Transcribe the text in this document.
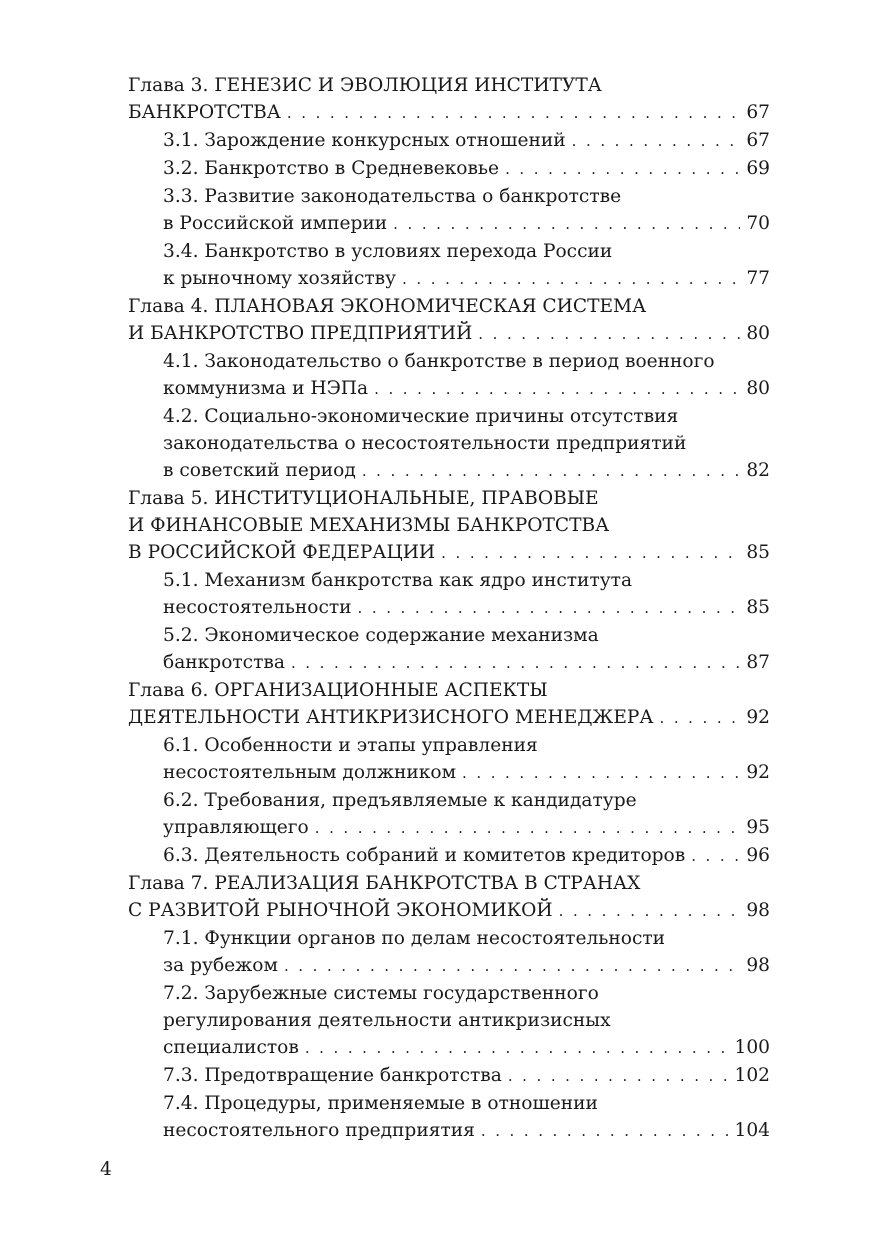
Глава 3. ГЕНЕЗИС И ЭВОЛЮЦИЯ ИНСТИТУТА
БАНКРОТСТВА . . .	67
3.1. Зарождение конкурсных отношений . . .	67
3.2. Банкротство в Средневековье . . .	69
3.3. Развитие законодательства о банкротстве
в Российской империи . . .	70
3.4. Банкротство в условиях перехода России
к рыночному хозяйству . . .	77
Глава 4. ПЛАНОВАЯ ЭКОНОМИЧЕСКАЯ СИСТЕМА
И БАНКРОТСТВО ПРЕДПРИЯТИЙ . . .	80
4.1. Законодательство о банкротстве в период военного
коммунизма и НЭПа . . .	80
4.2. Социально-экономические причины отсутствия
законодательства о несостоятельности предприятий
в советский период . . .	82
Глава 5. ИНСТИТУЦИОНАЛЬНЫЕ, ПРАВОВЫЕ
И ФИНАНСОВЫЕ МЕХАНИЗМЫ БАНКРОТСТВА
В РОССИЙСКОЙ ФЕДЕРАЦИИ . . .	85
5.1. Механизм банкротства как ядро института
несостоятельности . . .	85
5.2. Экономическое содержание механизма
банкротства . . .	87
Глава 6. ОРГАНИЗАЦИОННЫЕ АСПЕКТЫ
ДЕЯТЕЛЬНОСТИ АНТИКРИЗИСНОГО МЕНЕДЖЕРА . . .	92
6.1. Особенности и этапы управления
несостоятельным должником . . .	92
6.2. Требования, предъявляемые к кандидатуре
управляющего . . .	95
6.3. Деятельность собраний и комитетов кредиторов . . .	96
Глава 7. РЕАЛИЗАЦИЯ БАНКРОТСТВА В СТРАНАХ
С РАЗВИТОЙ РЫНОЧНОЙ ЭКОНОМИКОЙ . . .	98
7.1. Функции органов по делам несостоятельности
за рубежом . . .	98
7.2. Зарубежные системы государственного
регулирования деятельности антикризисных
специалистов . . .	100
7.3. Предотвращение банкротства . . .	102
7.4. Процедуры, применяемые в отношении
несостоятельного предприятия . . .	104
4
